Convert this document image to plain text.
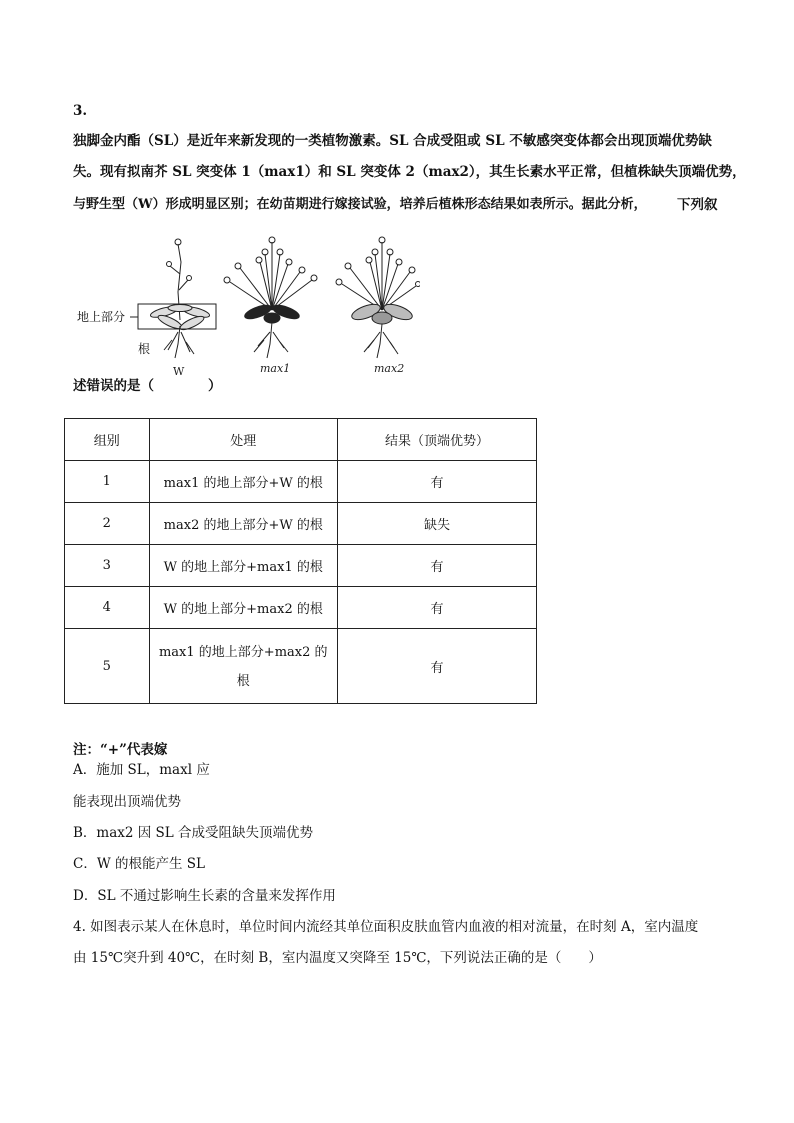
3.
独脚金内酯（SL）是近年来新发现的一类植物激素。SL 合成受阻或 SL 不敏感突变体都会出现顶端优势缺
失。现有拟南芥 SL 突变体 1（max1）和 SL 突变体 2（max2），其生长素水平正常，但植株缺失顶端优势，
与野生型（W）形成明显区别；在幼苗期进行嫁接试验，培养后植株形态结果如表所示。据此分析， 下列叙
地上部分
根
W	max1	max2
述错误的是（　　　　）
组别	处理	结果（顶端优势）
1	max1 的地上部分+W 的根	有
2	max2 的地上部分+W 的根	缺失
3	W 的地上部分+max1 的根	有
4	W 的地上部分+max2 的根	有
5	max1 的地上部分+max2 的
根	有
注：“+”代表嫁
A．施加 SL，maxl 应
能表现出顶端优势
B．max2 因 SL 合成受阻缺失顶端优势
C．W 的根能产生 SL
D．SL 不通过影响生长素的含量来发挥作用
4. 如图表示某人在休息时，单位时间内流经其单位面积皮肤血管内血液的相对流量，在时刻 A，室内温度
由 15℃突升到 40℃，在时刻 B，室内温度又突降至 15℃，下列说法正确的是（　　）
